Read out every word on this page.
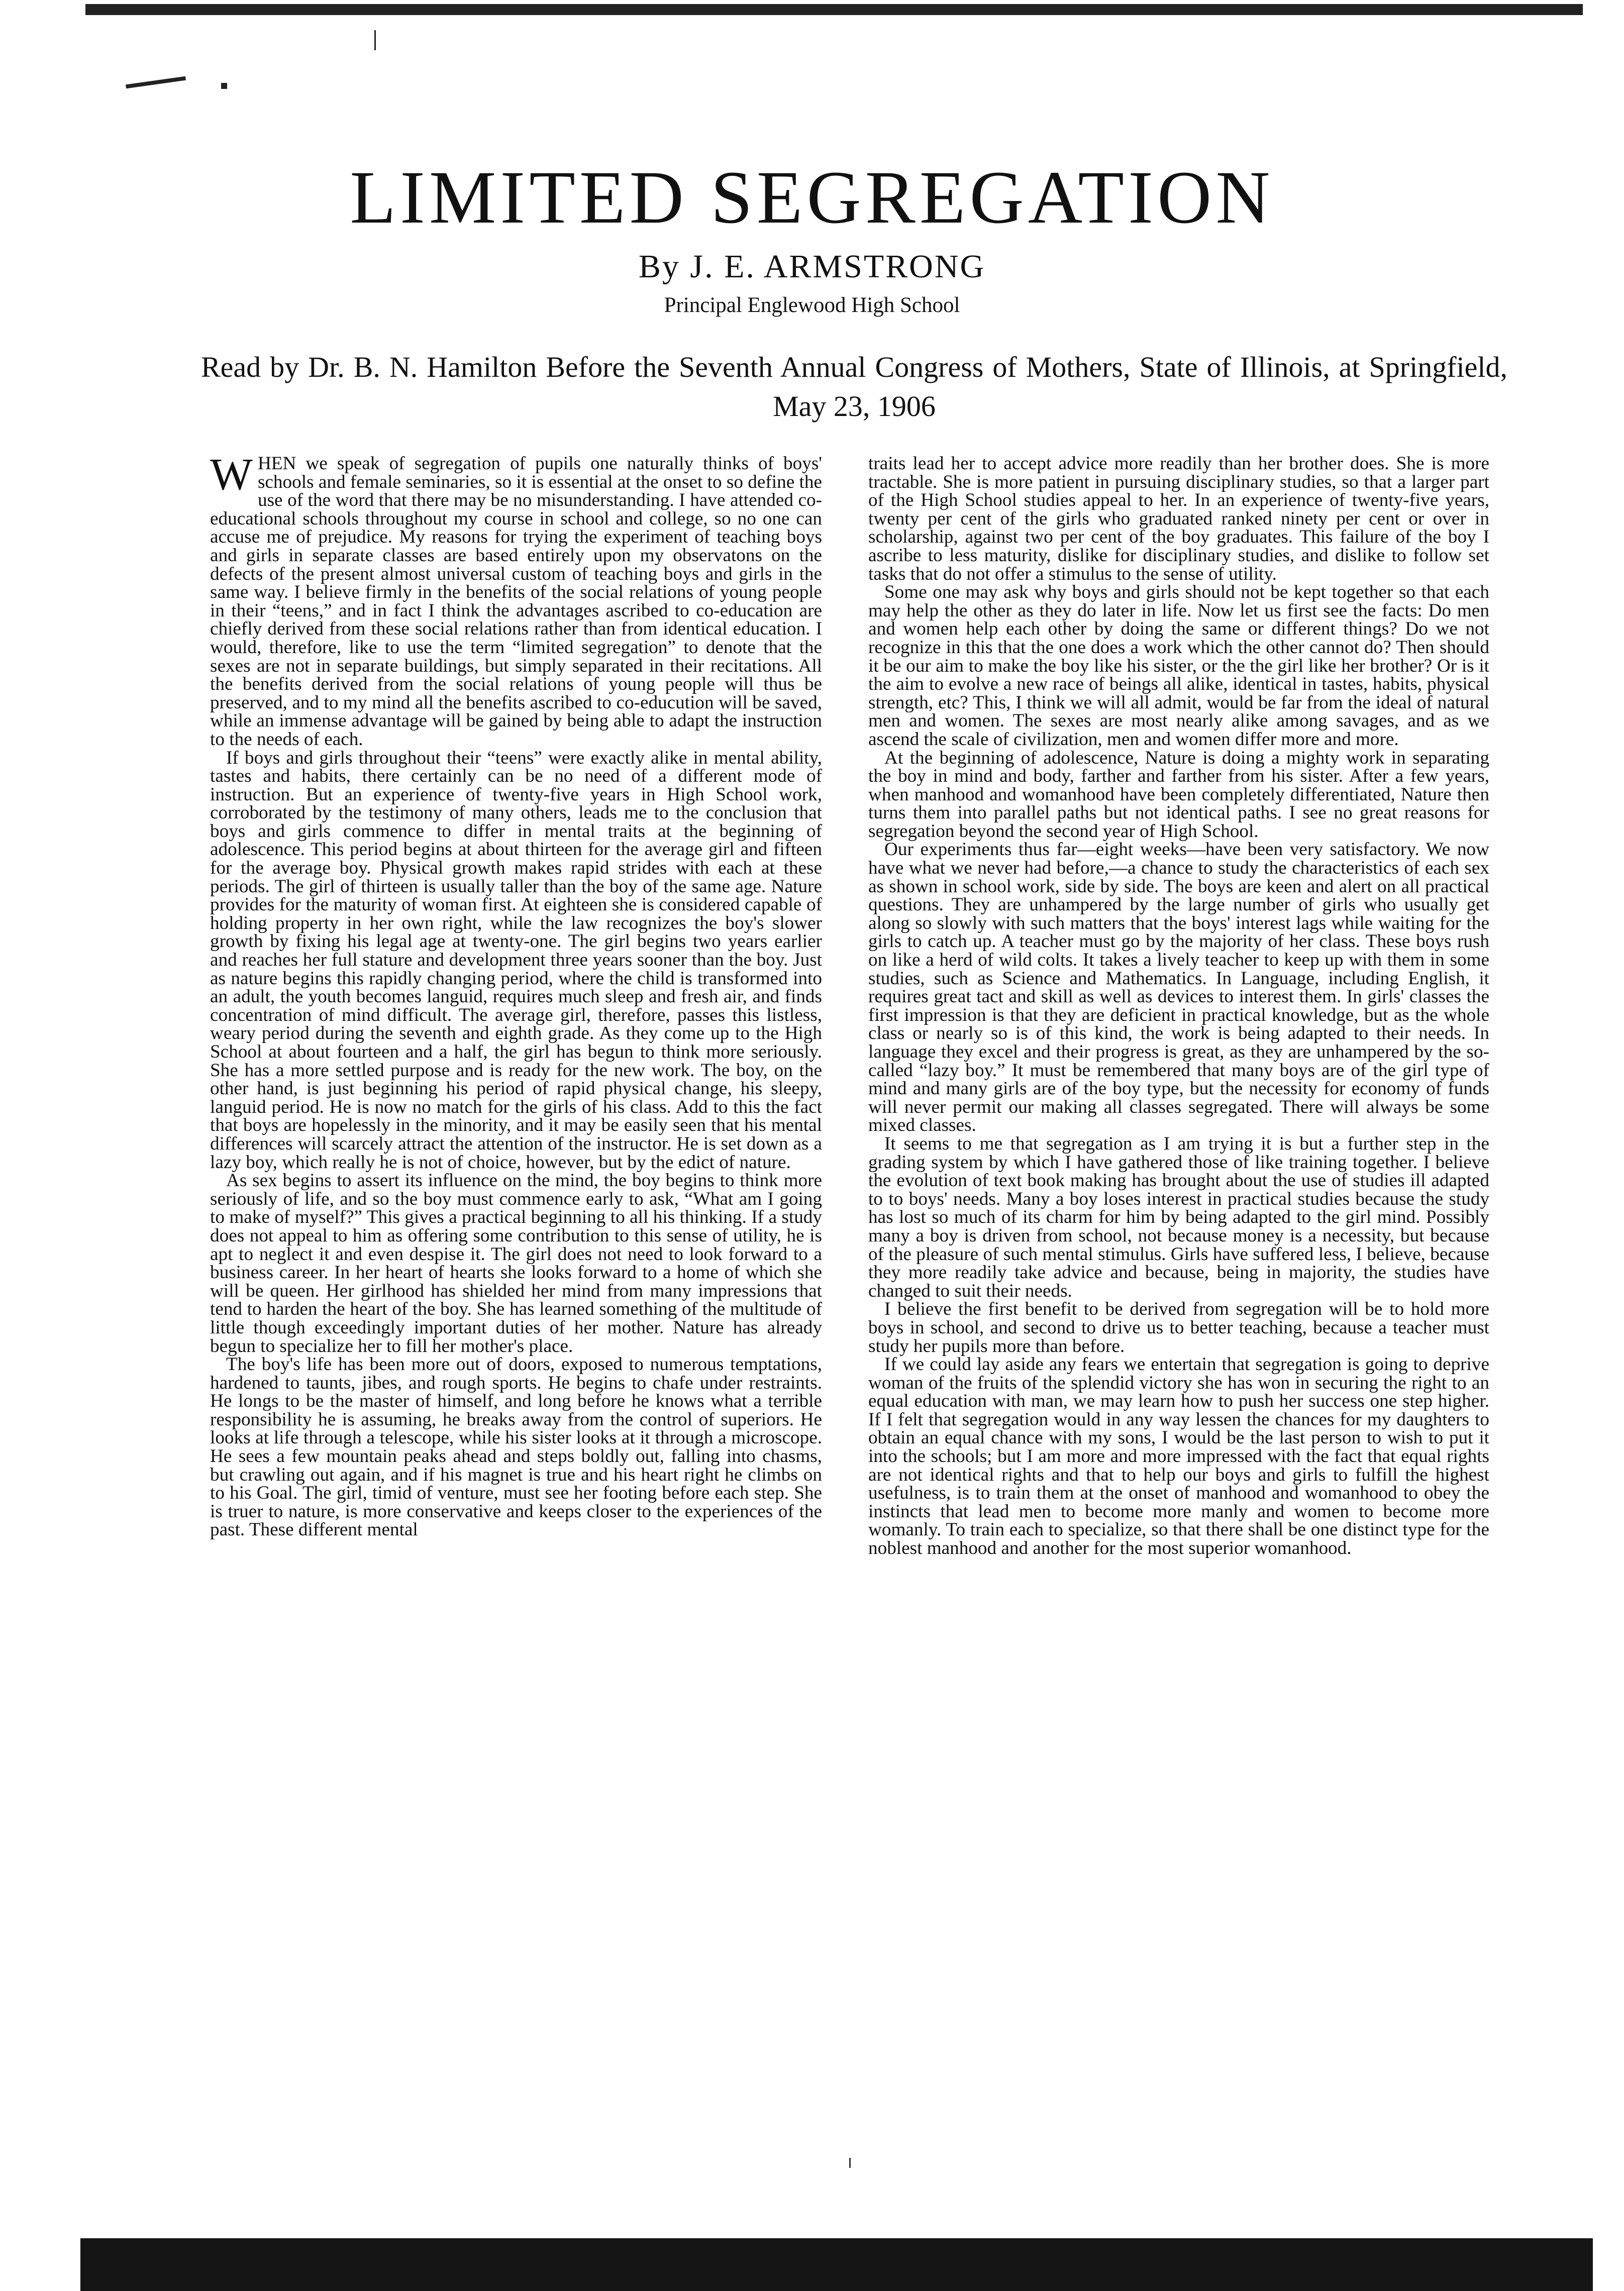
LIMITED SEGREGATION
By J. E. ARMSTRONG
Principal Englewood High School

Read by Dr. B. N. Hamilton Before the Seventh Annual Congress of Mothers, State of Illinois, at Springfield, May 23, 1906

WHEN we speak of segregation of pupils one naturally thinks of boys' schools and female seminaries, so it is essential at the onset to so define the use of the word that there may be no misunderstanding. I have attended co-educational schools throughout my course in school and college, so no one can accuse me of prejudice. My reasons for trying the experiment of teaching boys and girls in separate classes are based entirely upon my observatons on the defects of the present almost universal custom of teaching boys and girls in the same way. I believe firmly in the benefits of the social relations of young people in their “teens,” and in fact I think the advantages ascribed to co-education are chiefly derived from these social relations rather than from identical education. I would, therefore, like to use the term “limited segregation” to denote that the sexes are not in separate buildings, but simply separated in their recitations. All the benefits derived from the social relations of young people will thus be preserved, and to my mind all the benefits ascribed to co-educution will be saved, while an immense advantage will be gained by being able to adapt the instruction to the needs of each.

If boys and girls throughout their “teens” were exactly alike in mental ability, tastes and habits, there certainly can be no need of a different mode of instruction. But an experience of twenty-five years in High School work, corroborated by the testimony of many others, leads me to the conclusion that boys and girls commence to differ in mental traits at the beginning of adolescence. This period begins at about thirteen for the average girl and fifteen for the average boy. Physical growth makes rapid strides with each at these periods. The girl of thirteen is usually taller than the boy of the same age. Nature provides for the maturity of woman first. At eighteen she is considered capable of holding property in her own right, while the law recognizes the boy's slower growth by fixing his legal age at twenty-one. The girl begins two years earlier and reaches her full stature and development three years sooner than the boy. Just as nature begins this rapidly changing period, where the child is transformed into an adult, the youth becomes languid, requires much sleep and fresh air, and finds concentration of mind difficult. The average girl, therefore, passes this listless, weary period during the seventh and eighth grade. As they come up to the High School at about fourteen and a half, the girl has begun to think more seriously. She has a more settled purpose and is ready for the new work. The boy, on the other hand, is just beginning his period of rapid physical change, his sleepy, languid period. He is now no match for the girls of his class. Add to this the fact that boys are hopelessly in the minority, and it may be easily seen that his mental differences will scarcely attract the attention of the instructor. He is set down as a lazy boy, which really he is not of choice, however, but by the edict of nature.

As sex begins to assert its influence on the mind, the boy begins to think more seriously of life, and so the boy must commence early to ask, “What am I going to make of myself?” This gives a practical beginning to all his thinking. If a study does not appeal to him as offering some contribution to this sense of utility, he is apt to neglect it and even despise it. The girl does not need to look forward to a business career. In her heart of hearts she looks forward to a home of which she will be queen. Her girlhood has shielded her mind from many impressions that tend to harden the heart of the boy. She has learned something of the multitude of little though exceedingly important duties of her mother. Nature has already begun to specialize her to fill her mother's place.

The boy's life has been more out of doors, exposed to numerous temptations, hardened to taunts, jibes, and rough sports. He begins to chafe under restraints. He longs to be the master of himself, and long before he knows what a terrible responsibility he is assuming, he breaks away from the control of superiors. He looks at life through a telescope, while his sister looks at it through a microscope. He sees a few mountain peaks ahead and steps boldly out, falling into chasms, but crawling out again, and if his magnet is true and his heart right he climbs on to his Goal. The girl, timid of venture, must see her footing before each step. She is truer to nature, is more conservative and keeps closer to the experiences of the past. These different mental

traits lead her to accept advice more readily than her brother does. She is more tractable. She is more patient in pursuing disciplinary studies, so that a larger part of the High School studies appeal to her. In an experience of twenty-five years, twenty per cent of the girls who graduated ranked ninety per cent or over in scholarship, against two per cent of the boy graduates. This failure of the boy I ascribe to less maturity, dislike for disciplinary studies, and dislike to follow set tasks that do not offer a stimulus to the sense of utility.

Some one may ask why boys and girls should not be kept together so that each may help the other as they do later in life. Now let us first see the facts: Do men and women help each other by doing the same or different things? Do we not recognize in this that the one does a work which the other cannot do? Then should it be our aim to make the boy like his sister, or the the girl like her brother? Or is it the aim to evolve a new race of beings all alike, identical in tastes, habits, physical strength, etc? This, I think we will all admit, would be far from the ideal of natural men and women. The sexes are most nearly alike among savages, and as we ascend the scale of civilization, men and women differ more and more.

At the beginning of adolescence, Nature is doing a mighty work in separating the boy in mind and body, farther and farther from his sister. After a few years, when manhood and womanhood have been completely differentiated, Nature then turns them into parallel paths but not identical paths. I see no great reasons for segregation beyond the second year of High School.

Our experiments thus far—eight weeks—have been very satisfactory. We now have what we never had before,—a chance to study the characteristics of each sex as shown in school work, side by side. The boys are keen and alert on all practical questions. They are unhampered by the large number of girls who usually get along so slowly with such matters that the boys' interest lags while waiting for the girls to catch up. A teacher must go by the majority of her class. These boys rush on like a herd of wild colts. It takes a lively teacher to keep up with them in some studies, such as Science and Mathematics. In Language, including English, it requires great tact and skill as well as devices to interest them. In girls' classes the first impression is that they are deficient in practical knowledge, but as the whole class or nearly so is of this kind, the work is being adapted to their needs. In language they excel and their progress is great, as they are unhampered by the so-called “lazy boy.” It must be remembered that many boys are of the girl type of mind and many girls are of the boy type, but the necessity for economy of funds will never permit our making all classes segregated. There will always be some mixed classes.

It seems to me that segregation as I am trying it is but a further step in the grading system by which I have gathered those of like training together. I believe the evolution of text book making has brought about the use of studies ill adapted to to boys' needs. Many a boy loses interest in practical studies because the study has lost so much of its charm for him by being adapted to the girl mind. Possibly many a boy is driven from school, not because money is a necessity, but because of the pleasure of such mental stimulus. Girls have suffered less, I believe, because they more readily take advice and because, being in majority, the studies have changed to suit their needs.

I believe the first benefit to be derived from segregation will be to hold more boys in school, and second to drive us to better teaching, because a teacher must study her pupils more than before.

If we could lay aside any fears we entertain that segregation is going to deprive woman of the fruits of the splendid victory she has won in securing the right to an equal education with man, we may learn how to push her success one step higher. If I felt that segregation would in any way lessen the chances for my daughters to obtain an equal chance with my sons, I would be the last person to wish to put it into the schools; but I am more and more impressed with the fact that equal rights are not identical rights and that to help our boys and girls to fulfill the highest usefulness, is to train them at the onset of manhood and womanhood to obey the instincts that lead men to become more manly and women to become more womanly. To train each to specialize, so that there shall be one distinct type for the noblest manhood and another for the most superior womanhood.
